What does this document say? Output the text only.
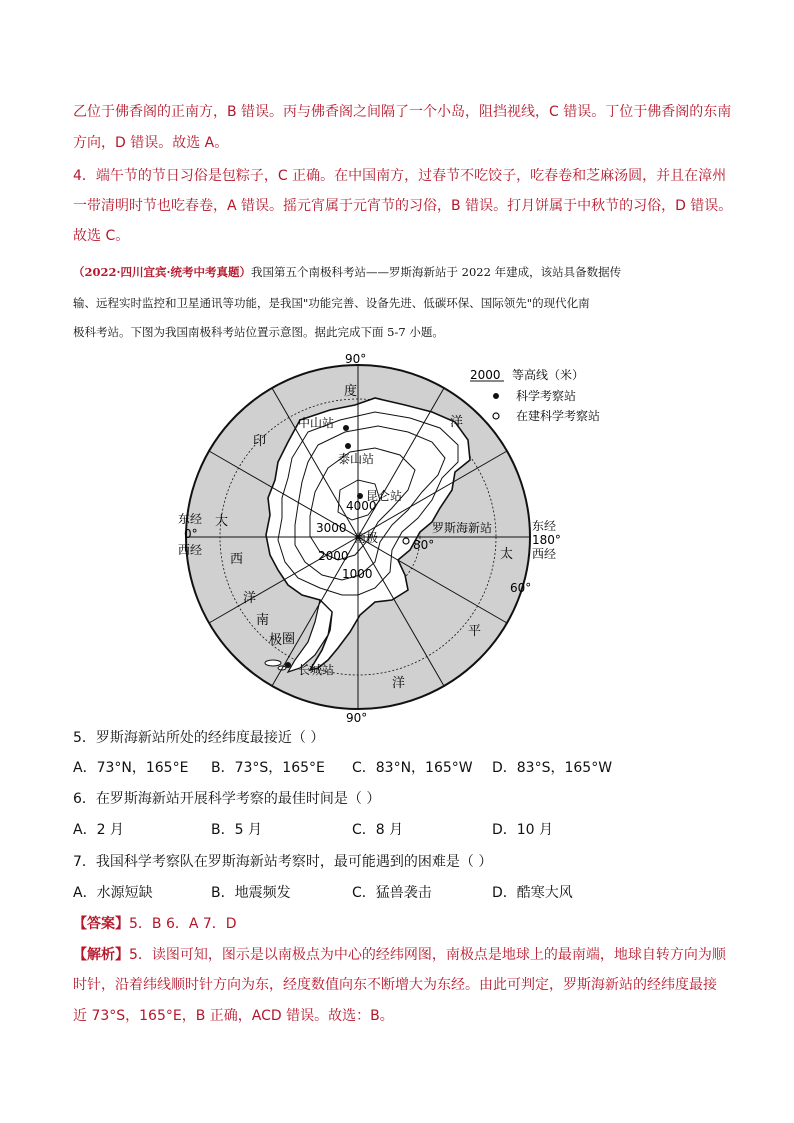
乙位于佛香阁的正南方，B 错误。丙与佛香阁之间隔了一个小岛，阻挡视线，C 错误。丁位于佛香阁的东南
方向，D 错误。故选 A。
4．端午节的节日习俗是包粽子，C 正确。在中国南方，过春节不吃饺子，吃春卷和芝麻汤圆，并且在漳州
一带清明时节也吃春卷，A 错误。摇元宵属于元宵节的习俗，B 错误。打月饼属于中秋节的习俗，D 错误。
故选 C。
（2022·四川宜宾·统考中考真题）我国第五个南极科考站——罗斯海新站于 2022 年建成，该站具备数据传
输、远程实时监控和卫星通讯等功能，是我国"功能完善、设备先进、低碳环保、国际领先"的现代化南
极科考站。下图为我国南极科考站位置示意图。据此完成下面 5-7 小题。
90°
90°
东经
180°
西经
东经
0°
西经
60°
80°
印
度
洋
大
西
洋
太
平
洋
南
极 圈
4000
3000
2000
1000
南极
中山站
泰山站
昆仑站
罗斯海新站
长城站
2000 等高线（米）
科学考察站
在建科学考察站
5．罗斯海新站所处的经纬度最接近（ ）
A．73°N，165°E B．73°S，165°E C．83°N，165°W D．83°S，165°W
6．在罗斯海新站开展科学考察的最佳时间是（ ）
A．2 月	B．5 月	C．8 月	D．10 月
7．我国科学考察队在罗斯海新站考察时，最可能遇到的困难是（ ）
A．水源短缺	B．地震频发	C．猛兽袭击	D．酷寒大风
【答案】5．B 6．A 7．D
【解析】5．读图可知，图示是以南极点为中心的经纬网图，南极点是地球上的最南端，地球自转方向为顺
时针，沿着纬线顺时针方向为东，经度数值向东不断增大为东经。由此可判定，罗斯海新站的经纬度最接
近 73°S，165°E，B 正确，ACD 错误。故选：B。
